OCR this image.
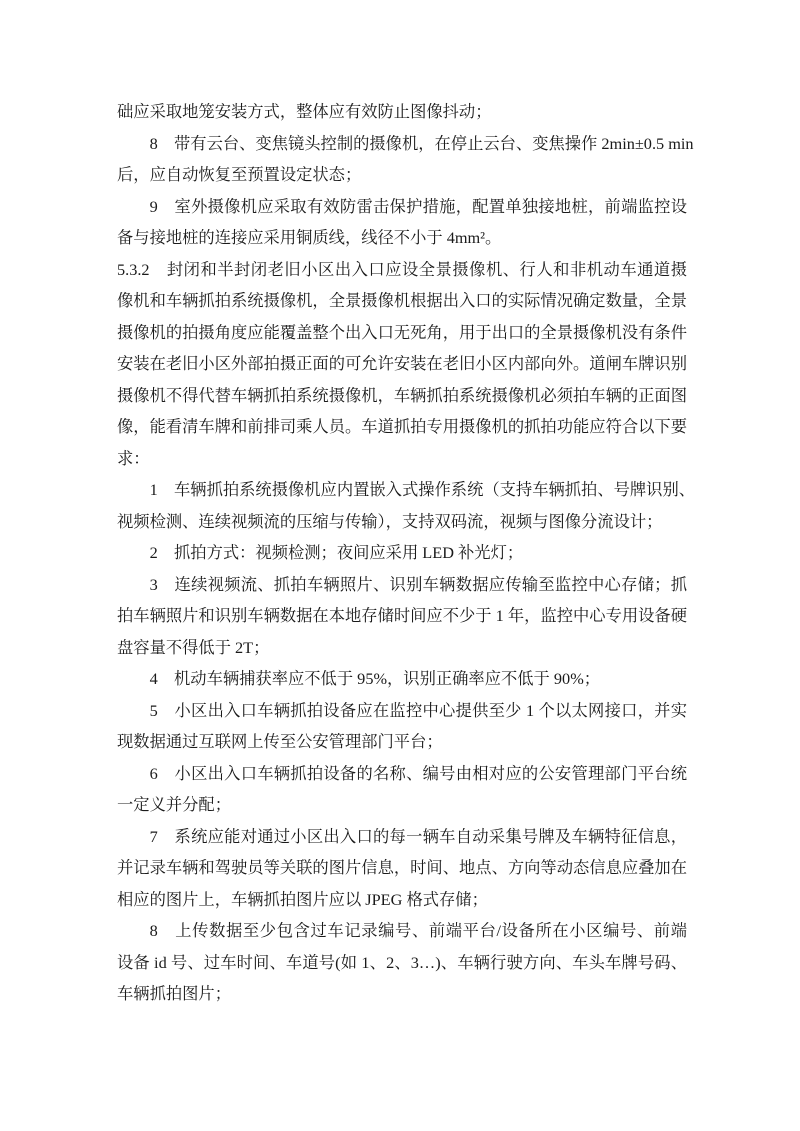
础应采取地笼安装方式，整体应有效防止图像抖动；
8　带有云台、变焦镜头控制的摄像机，在停止云台、变焦操作 2min±0.5 min
后，应自动恢复至预置设定状态；
9　室外摄像机应采取有效防雷击保护措施，配置单独接地桩，前端监控设
备与接地桩的连接应采用铜质线，线径不小于 4mm²。
5.3.2　封闭和半封闭老旧小区出入口应设全景摄像机、行人和非机动车通道摄
像机和车辆抓拍系统摄像机，全景摄像机根据出入口的实际情况确定数量，全景
摄像机的拍摄角度应能覆盖整个出入口无死角，用于出口的全景摄像机没有条件
安装在老旧小区外部拍摄正面的可允许安装在老旧小区内部向外。道闸车牌识别
摄像机不得代替车辆抓拍系统摄像机，车辆抓拍系统摄像机必须拍车辆的正面图
像，能看清车牌和前排司乘人员。车道抓拍专用摄像机的抓拍功能应符合以下要
求：
1　车辆抓拍系统摄像机应内置嵌入式操作系统（支持车辆抓拍、号牌识别、
视频检测、连续视频流的压缩与传输），支持双码流，视频与图像分流设计；
2　抓拍方式：视频检测；夜间应采用 LED 补光灯；
3　连续视频流、抓拍车辆照片、识别车辆数据应传输至监控中心存储；抓
拍车辆照片和识别车辆数据在本地存储时间应不少于 1 年，监控中心专用设备硬
盘容量不得低于 2T；
4　机动车辆捕获率应不低于 95%，识别正确率应不低于 90%；
5　小区出入口车辆抓拍设备应在监控中心提供至少 1 个以太网接口，并实
现数据通过互联网上传至公安管理部门平台；
6　小区出入口车辆抓拍设备的名称、编号由相对应的公安管理部门平台统
一定义并分配；
7　系统应能对通过小区出入口的每一辆车自动采集号牌及车辆特征信息，
并记录车辆和驾驶员等关联的图片信息，时间、地点、方向等动态信息应叠加在
相应的图片上，车辆抓拍图片应以 JPEG 格式存储；
8　上传数据至少包含过车记录编号、前端平台/设备所在小区编号、前端
设备 id 号、过车时间、车道号(如 1、2、3…)、车辆行驶方向、车头车牌号码、
车辆抓拍图片；
